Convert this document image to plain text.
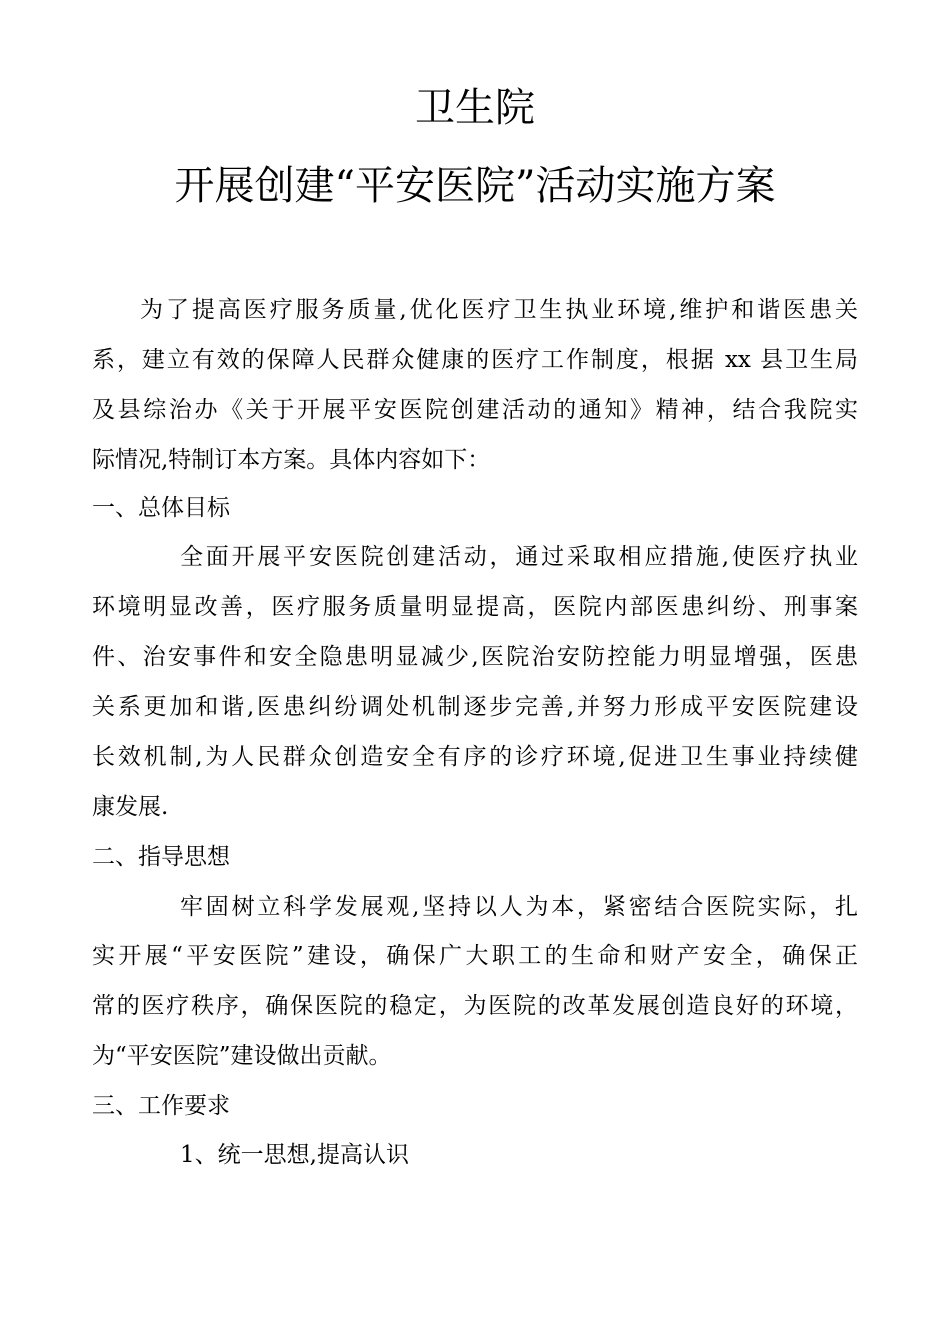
卫生院
开展创建“平安医院”活动实施方案
为了提高医疗服务质量,优化医疗卫生执业环境,维护和谐医患关
系，建立有效的保障人民群众健康的医疗工作制度，根据 xx 县卫生局
及县综治办《关于开展平安医院创建活动的通知》精神，结合我院实
际情况,特制订本方案。具体内容如下：
一、总体目标
全面开展平安医院创建活动，通过采取相应措施,使医疗执业
环境明显改善，医疗服务质量明显提高，医院内部医患纠纷、刑事案
件、治安事件和安全隐患明显减少,医院治安防控能力明显增强，医患
关系更加和谐,医患纠纷调处机制逐步完善,并努力形成平安医院建设
长效机制,为人民群众创造安全有序的诊疗环境,促进卫生事业持续健
康发展.
二、指导思想
牢固树立科学发展观,坚持以人为本，紧密结合医院实际，扎
实开展“平安医院”建设，确保广大职工的生命和财产安全，确保正
常的医疗秩序，确保医院的稳定，为医院的改革发展创造良好的环境，
为“平安医院”建设做出贡献。
三、工作要求
1、统一思想,提高认识
